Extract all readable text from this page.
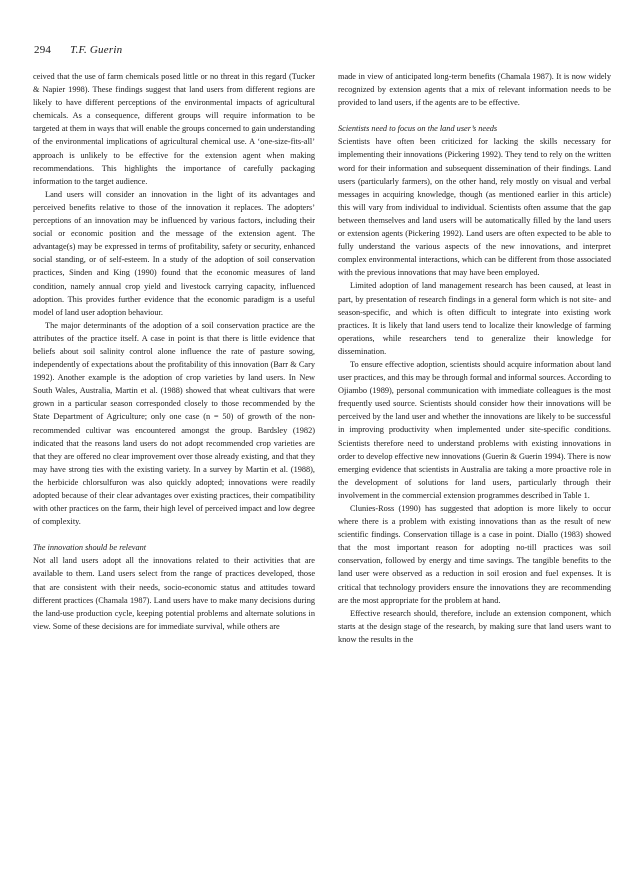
294 T.F. Guerin

ceived that the use of farm chemicals posed little or no threat in this regard (Tucker & Napier 1998). These findings suggest that land users from different regions are likely to have different perceptions of the environmental impacts of agricultural chemicals. As a consequence, different groups will require information to be targeted at them in ways that will enable the groups concerned to gain understanding of the environmental implications of agricultural chemical use. A ‘one-size-fits-all’ approach is unlikely to be effective for the extension agent when making recommendations. This highlights the importance of carefully packaging information to the target audience.

Land users will consider an innovation in the light of its advantages and perceived benefits relative to those of the innovation it replaces. The adopters’ perceptions of an innovation may be influenced by various factors, including their social or economic position and the message of the extension agent. The advantage(s) may be expressed in terms of profitability, safety or security, enhanced social standing, or of self-esteem. In a study of the adoption of soil conservation practices, Sinden and King (1990) found that the economic measures of land condition, namely annual crop yield and livestock carrying capacity, influenced adoption. This provides further evidence that the economic paradigm is a useful model of land user adoption behaviour.

The major determinants of the adoption of a soil conservation practice are the attributes of the practice itself. A case in point is that there is little evidence that beliefs about soil salinity control alone influence the rate of pasture sowing, independently of expectations about the profitability of this innovation (Barr & Cary 1992). Another example is the adoption of crop varieties by land users. In New South Wales, Australia, Martin et al. (1988) showed that wheat cultivars that were grown in a particular season corresponded closely to those recommended by the State Department of Agriculture; only one case (n = 50) of growth of the non-recommended cultivar was encountered amongst the group. Bardsley (1982) indicated that the reasons land users do not adopt recommended crop varieties are that they are offered no clear improvement over those already existing, and that they may have strong ties with the existing variety. In a survey by Martin et al. (1988), the herbicide chlorsulfuron was also quickly adopted; innovations were readily adopted because of their clear advantages over existing practices, their compatibility with other practices on the farm, their high level of perceived impact and low degree of complexity.

The innovation should be relevant

Not all land users adopt all the innovations related to their activities that are available to them. Land users select from the range of practices developed, those that are consistent with their needs, socio-economic status and attitudes toward different practices (Chamala 1987). Land users have to make many decisions during the land-use production cycle, keeping potential problems and alternate solutions in view. Some of these decisions are for immediate survival, while others are

made in view of anticipated long-term benefits (Chamala 1987). It is now widely recognized by extension agents that a mix of relevant information needs to be provided to land users, if the agents are to be effective.

Scientists need to focus on the land user’s needs

Scientists have often been criticized for lacking the skills necessary for implementing their innovations (Pickering 1992). They tend to rely on the written word for their information and subsequent dissemination of their findings. Land users (particularly farmers), on the other hand, rely mostly on visual and verbal messages in acquiring knowledge, though (as mentioned earlier in this article) this will vary from individual to individual. Scientists often assume that the gap between themselves and land users will be automatically filled by the land users or extension agents (Pickering 1992). Land users are often expected to be able to fully understand the various aspects of the new innovations, and interpret complex environmental interactions, which can be different from those associated with the previous innovations that may have been employed.

Limited adoption of land management research has been caused, at least in part, by presentation of research findings in a general form which is not site- and season-specific, and which is often difficult to integrate into existing work practices. It is likely that land users tend to localize their knowledge of farming operations, while researchers tend to generalize their knowledge for dissemination.

To ensure effective adoption, scientists should acquire information about land user practices, and this may be through formal and informal sources. According to Ojiambo (1989), personal communication with immediate colleagues is the most frequently used source. Scientists should consider how their innovations will be perceived by the land user and whether the innovations are likely to be successful in improving productivity when implemented under site-specific conditions. Scientists therefore need to understand problems with existing innovations in order to develop effective new innovations (Guerin & Guerin 1994). There is now emerging evidence that scientists in Australia are taking a more proactive role in the development of solutions for land users, particularly through their involvement in the commercial extension programmes described in Table 1.

Clunies-Ross (1990) has suggested that adoption is more likely to occur where there is a problem with existing innovations than as the result of new scientific findings. Conservation tillage is a case in point. Diallo (1983) showed that the most important reason for adopting no-till practices was soil conservation, followed by energy and time savings. The tangible benefits to the land user were observed as a reduction in soil erosion and fuel expenses. It is critical that technology providers ensure the innovations they are recommending are the most appropriate for the problem at hand.

Effective research should, therefore, include an extension component, which starts at the design stage of the research, by making sure that land users want to know the results in the
